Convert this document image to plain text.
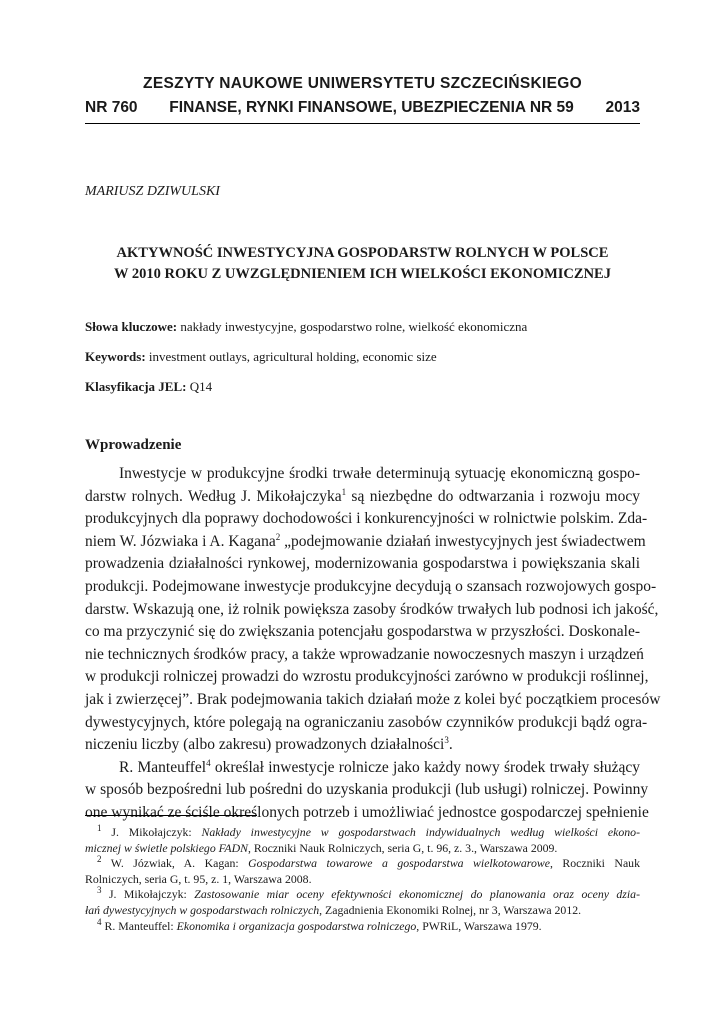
ZESZYTY NAUKOWE UNIWERSYTETU SZCZECIŃSKIEGO
NR 760 FINANSE, RYNKI FINANSOWE, UBEZPIECZENIA NR 59 2013
MARIUSZ DZIWULSKI
AKTYWNOŚĆ INWESTYCYJNA GOSPODARSTW ROLNYCH W POLSCE
W 2010 ROKU Z UWZGLĘDNIENIEM ICH WIELKOŚCI EKONOMICZNEJ
Słowa kluczowe: nakłady inwestycyjne, gospodarstwo rolne, wielkość ekonomiczna
Keywords: investment outlays, agricultural holding, economic size
Klasyfikacja JEL: Q14
Wprowadzenie
Inwestycje w produkcyjne środki trwałe determinują sytuację ekonomiczną gospo-
darstw rolnych. Według J. Mikołajczyka$^1$ są niezbędne do odtwarzania i rozwoju mocy
produkcyjnych dla poprawy dochodowości i konkurencyjności w rolnictwie polskim. Zda-
niem W. Józwiaka i A. Kagana$^2$ „podejmowanie działań inwestycyjnych jest świadectwem
prowadzenia działalności rynkowej, modernizowania gospodarstwa i powiększania skali
produkcji. Podejmowane inwestycje produkcyjne decydują o szansach rozwojowych gospo-
darstw. Wskazują one, iż rolnik powiększa zasoby środków trwałych lub podnosi ich jakość,
co ma przyczynić się do zwiększania potencjału gospodarstwa w przyszłości. Doskonale-
nie technicznych środków pracy, a także wprowadzanie nowoczesnych maszyn i urządzeń
w produkcji rolniczej prowadzi do wzrostu produkcyjności zarówno w produkcji roślinnej,
jak i zwierzęcej”. Brak podejmowania takich działań może z kolei być początkiem procesów
dywestycyjnych, które polegają na ograniczaniu zasobów czynników produkcji bądź ogra-
niczeniu liczby (albo zakresu) prowadzonych działalności$^3$.
R. Manteuffel$^4$ określał inwestycje rolnicze jako każdy nowy środek trwały służący
w sposób bezpośredni lub pośredni do uzyskania produkcji (lub usługi) rolniczej. Powinny
one wynikać ze ściśle określonych potrzeb i umożliwiać jednostce gospodarczej spełnienie
$^1$ J. Mikołajczyk: Nakłady inwestycyjne w gospodarstwach indywidualnych według wielkości ekono-
micznej w świetle polskiego FADN, Roczniki Nauk Rolniczych, seria G, t. 96, z. 3., Warszawa 2009.
$^2$ W. Józwiak, A. Kagan: Gospodarstwa towarowe a gospodarstwa wielkotowarowe, Roczniki Nauk
Rolniczych, seria G, t. 95, z. 1, Warszawa 2008.
$^3$ J. Mikołajczyk: Zastosowanie miar oceny efektywności ekonomicznej do planowania oraz oceny dzia-
łań dywestycyjnych w gospodarstwach rolniczych, Zagadnienia Ekonomiki Rolnej, nr 3, Warszawa 2012.
$^4$ R. Manteuffel: Ekonomika i organizacja gospodarstwa rolniczego, PWRiL, Warszawa 1979.
